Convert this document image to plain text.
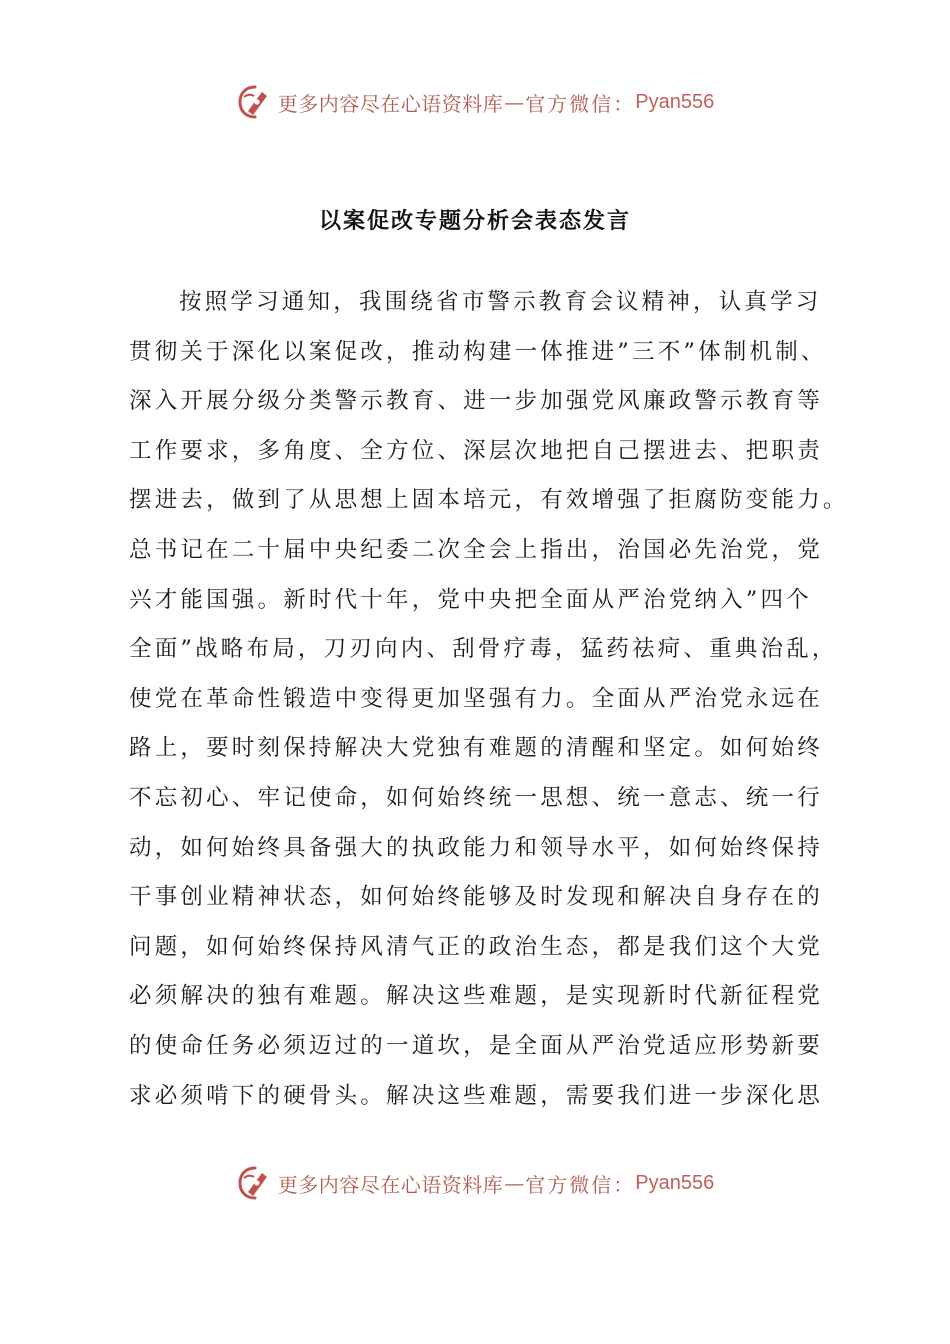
更多内容尽在心语资料库 — 官方微信： Pyan556
以案促改专题分析会表态发言
按照学习通知，我围绕省市警示教育会议精神，认真学习
贯彻关于深化以案促改，推动构建一体推进”三不”体制机制、
深入开展分级分类警示教育、进一步加强党风廉政警示教育等
工作要求，多角度、全方位、深层次地把自己摆进去、把职责
摆进去，做到了从思想上固本培元，有效增强了拒腐防变能力。
总书记在二十届中央纪委二次全会上指出，治国必先治党，党
兴才能国强。新时代十年，党中央把全面从严治党纳入”四个
全面”战略布局，刀刃向内、刮骨疗毒，猛药祛疴、重典治乱，
使党在革命性锻造中变得更加坚强有力。全面从严治党永远在
路上，要时刻保持解决大党独有难题的清醒和坚定。如何始终
不忘初心、牢记使命，如何始终统一思想、统一意志、统一行
动，如何始终具备强大的执政能力和领导水平，如何始终保持
干事创业精神状态，如何始终能够及时发现和解决自身存在的
问题，如何始终保持风清气正的政治生态，都是我们这个大党
必须解决的独有难题。解决这些难题，是实现新时代新征程党
的使命任务必须迈过的一道坎，是全面从严治党适应形势新要
求必须啃下的硬骨头。解决这些难题，需要我们进一步深化思
更多内容尽在心语资料库 — 官方微信： Pyan556
